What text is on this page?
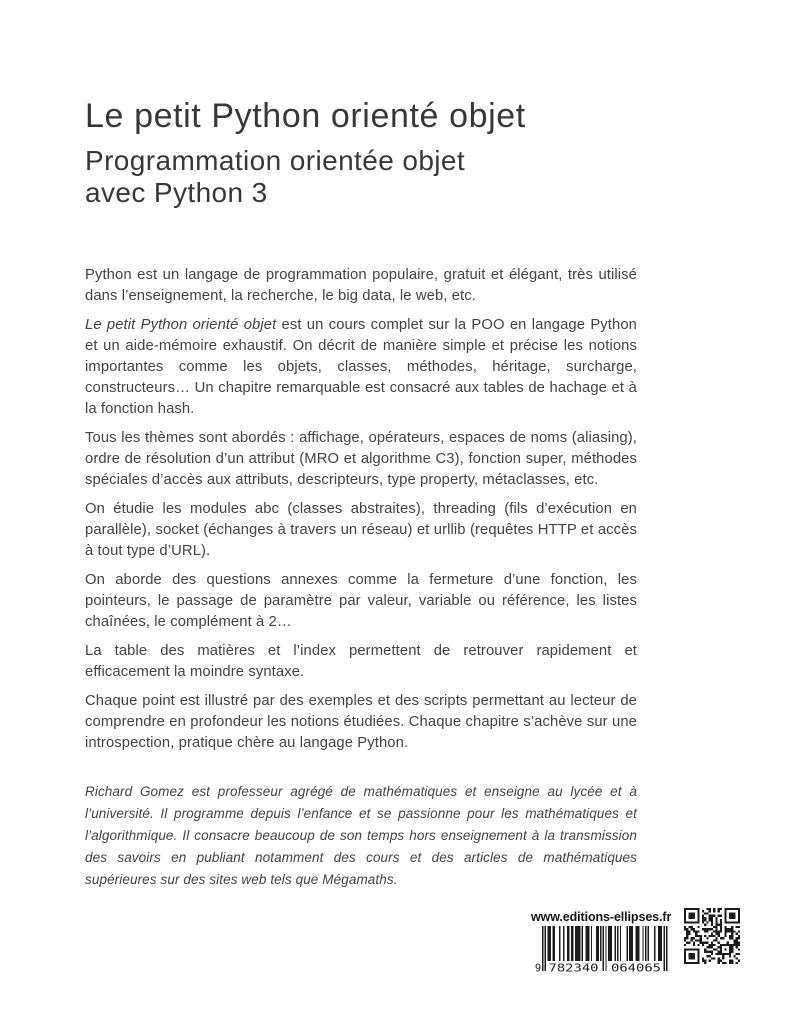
Le petit Python orienté objet
Programmation orientée objet
avec Python 3

Python est un langage de programmation populaire, gratuit et élégant, très utilisé dans l’enseignement, la recherche, le big data, le web, etc.

Le petit Python orienté objet est un cours complet sur la POO en langage Python et un aide-mémoire exhaustif. On décrit de manière simple et précise les notions importantes comme les objets, classes, méthodes, héritage, surcharge, constructeurs… Un chapitre remarquable est consacré aux tables de hachage et à la fonction hash.

Tous les thèmes sont abordés : affichage, opérateurs, espaces de noms (aliasing), ordre de résolution d’un attribut (MRO et algorithme C3), fonction super, méthodes spéciales d’accès aux attributs, descripteurs, type property, métaclasses, etc.

On étudie les modules abc (classes abstraites), threading (fils d’exécution en parallèle), socket (échanges à travers un réseau) et urllib (requêtes HTTP et accès à tout type d’URL).

On aborde des questions annexes comme la fermeture d’une fonction, les pointeurs, le passage de paramètre par valeur, variable ou référence, les listes chaînées, le complément à 2…

La table des matières et l’index permettent de retrouver rapidement et efficacement la moindre syntaxe.

Chaque point est illustré par des exemples et des scripts permettant au lecteur de comprendre en profondeur les notions étudiées. Chaque chapitre s’achève sur une introspection, pratique chère au langage Python.

Richard Gomez est professeur agrégé de mathématiques et enseigne au lycée et à l’université. Il programme depuis l’enfance et se passionne pour les mathématiques et l’algorithmique. Il consacre beaucoup de son temps hors enseignement à la transmission des savoirs en publiant notamment des cours et des articles de mathématiques supérieures sur des sites web tels que Mégamaths.

www.editions-ellipses.fr
9 782340 064065
